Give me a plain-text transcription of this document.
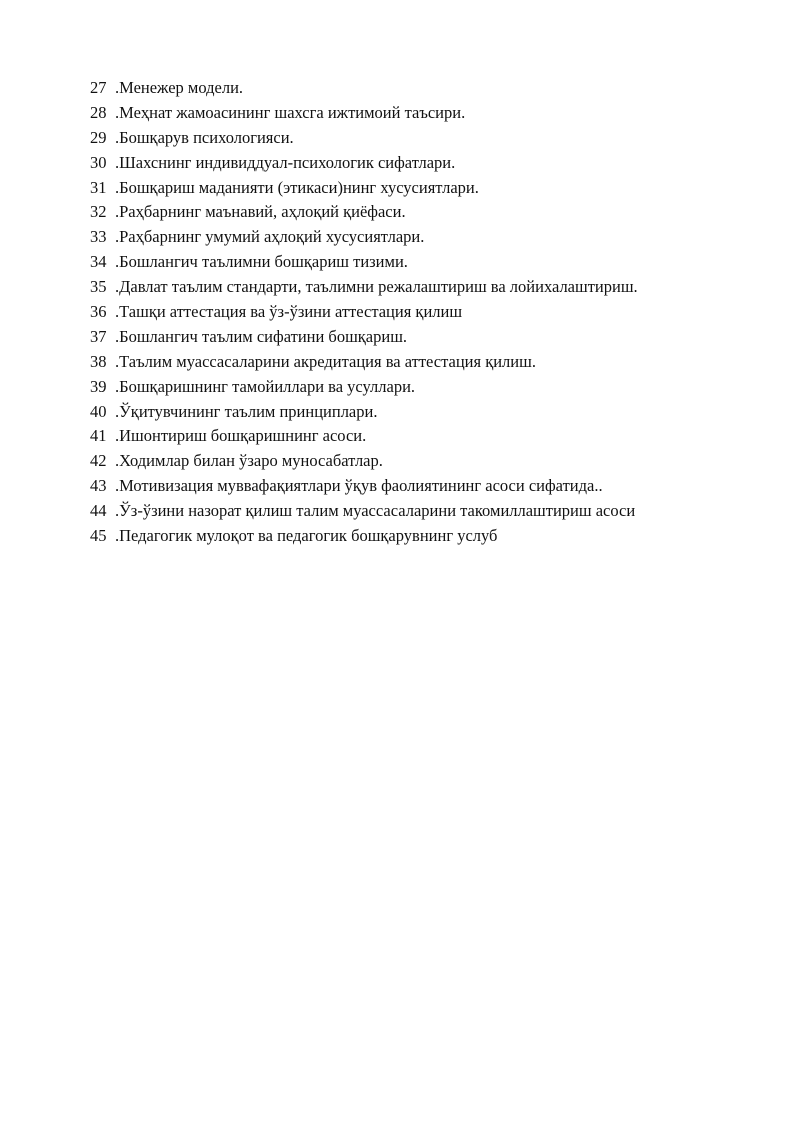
27 . Менежер модели.
28 . Меҳнат жамоасининг шахсга ижтимоий таъсири.
29 . Бошқарув психологияси.
30 . Шахснинг индивиддуал-психологик сифатлари.
31 . Бошқариш маданияти (этикаси)нинг хусусиятлари.
32 . Раҳбарнинг маънавий, аҳлоқий қиёфаси.
33 . Раҳбарнинг умумий аҳлоқий хусусиятлари.
34 . Бошлангич таълимни бошқариш тизими.
35 . Давлат таълим стандарти, таълимни режалаштириш ва лойихалаштириш.
36 . Ташқи аттестация ва ўз-ўзини аттестация қилиш
37 . Бошлангич таълим сифатини бошқариш.
38 . Таълим муассасаларини акредитация ва аттестация қилиш.
39 . Бошқаришнинг тамойиллари ва усуллари.
40 . Ўқитувчининг таълим принциплари.
41 . Ишонтириш бошқаришнинг асоси.
42 . Ходимлар билан ўзаро муносабатлар.
43 . Мотивизация муввафақиятлари ўқув фаолиятининг асоси сифатида..
44 . Ўз-ўзини назорат қилиш талим муассасаларини такомиллаштириш асоси
45 . Педагогик мулоқот ва педагогик бошқарувнинг услуб
